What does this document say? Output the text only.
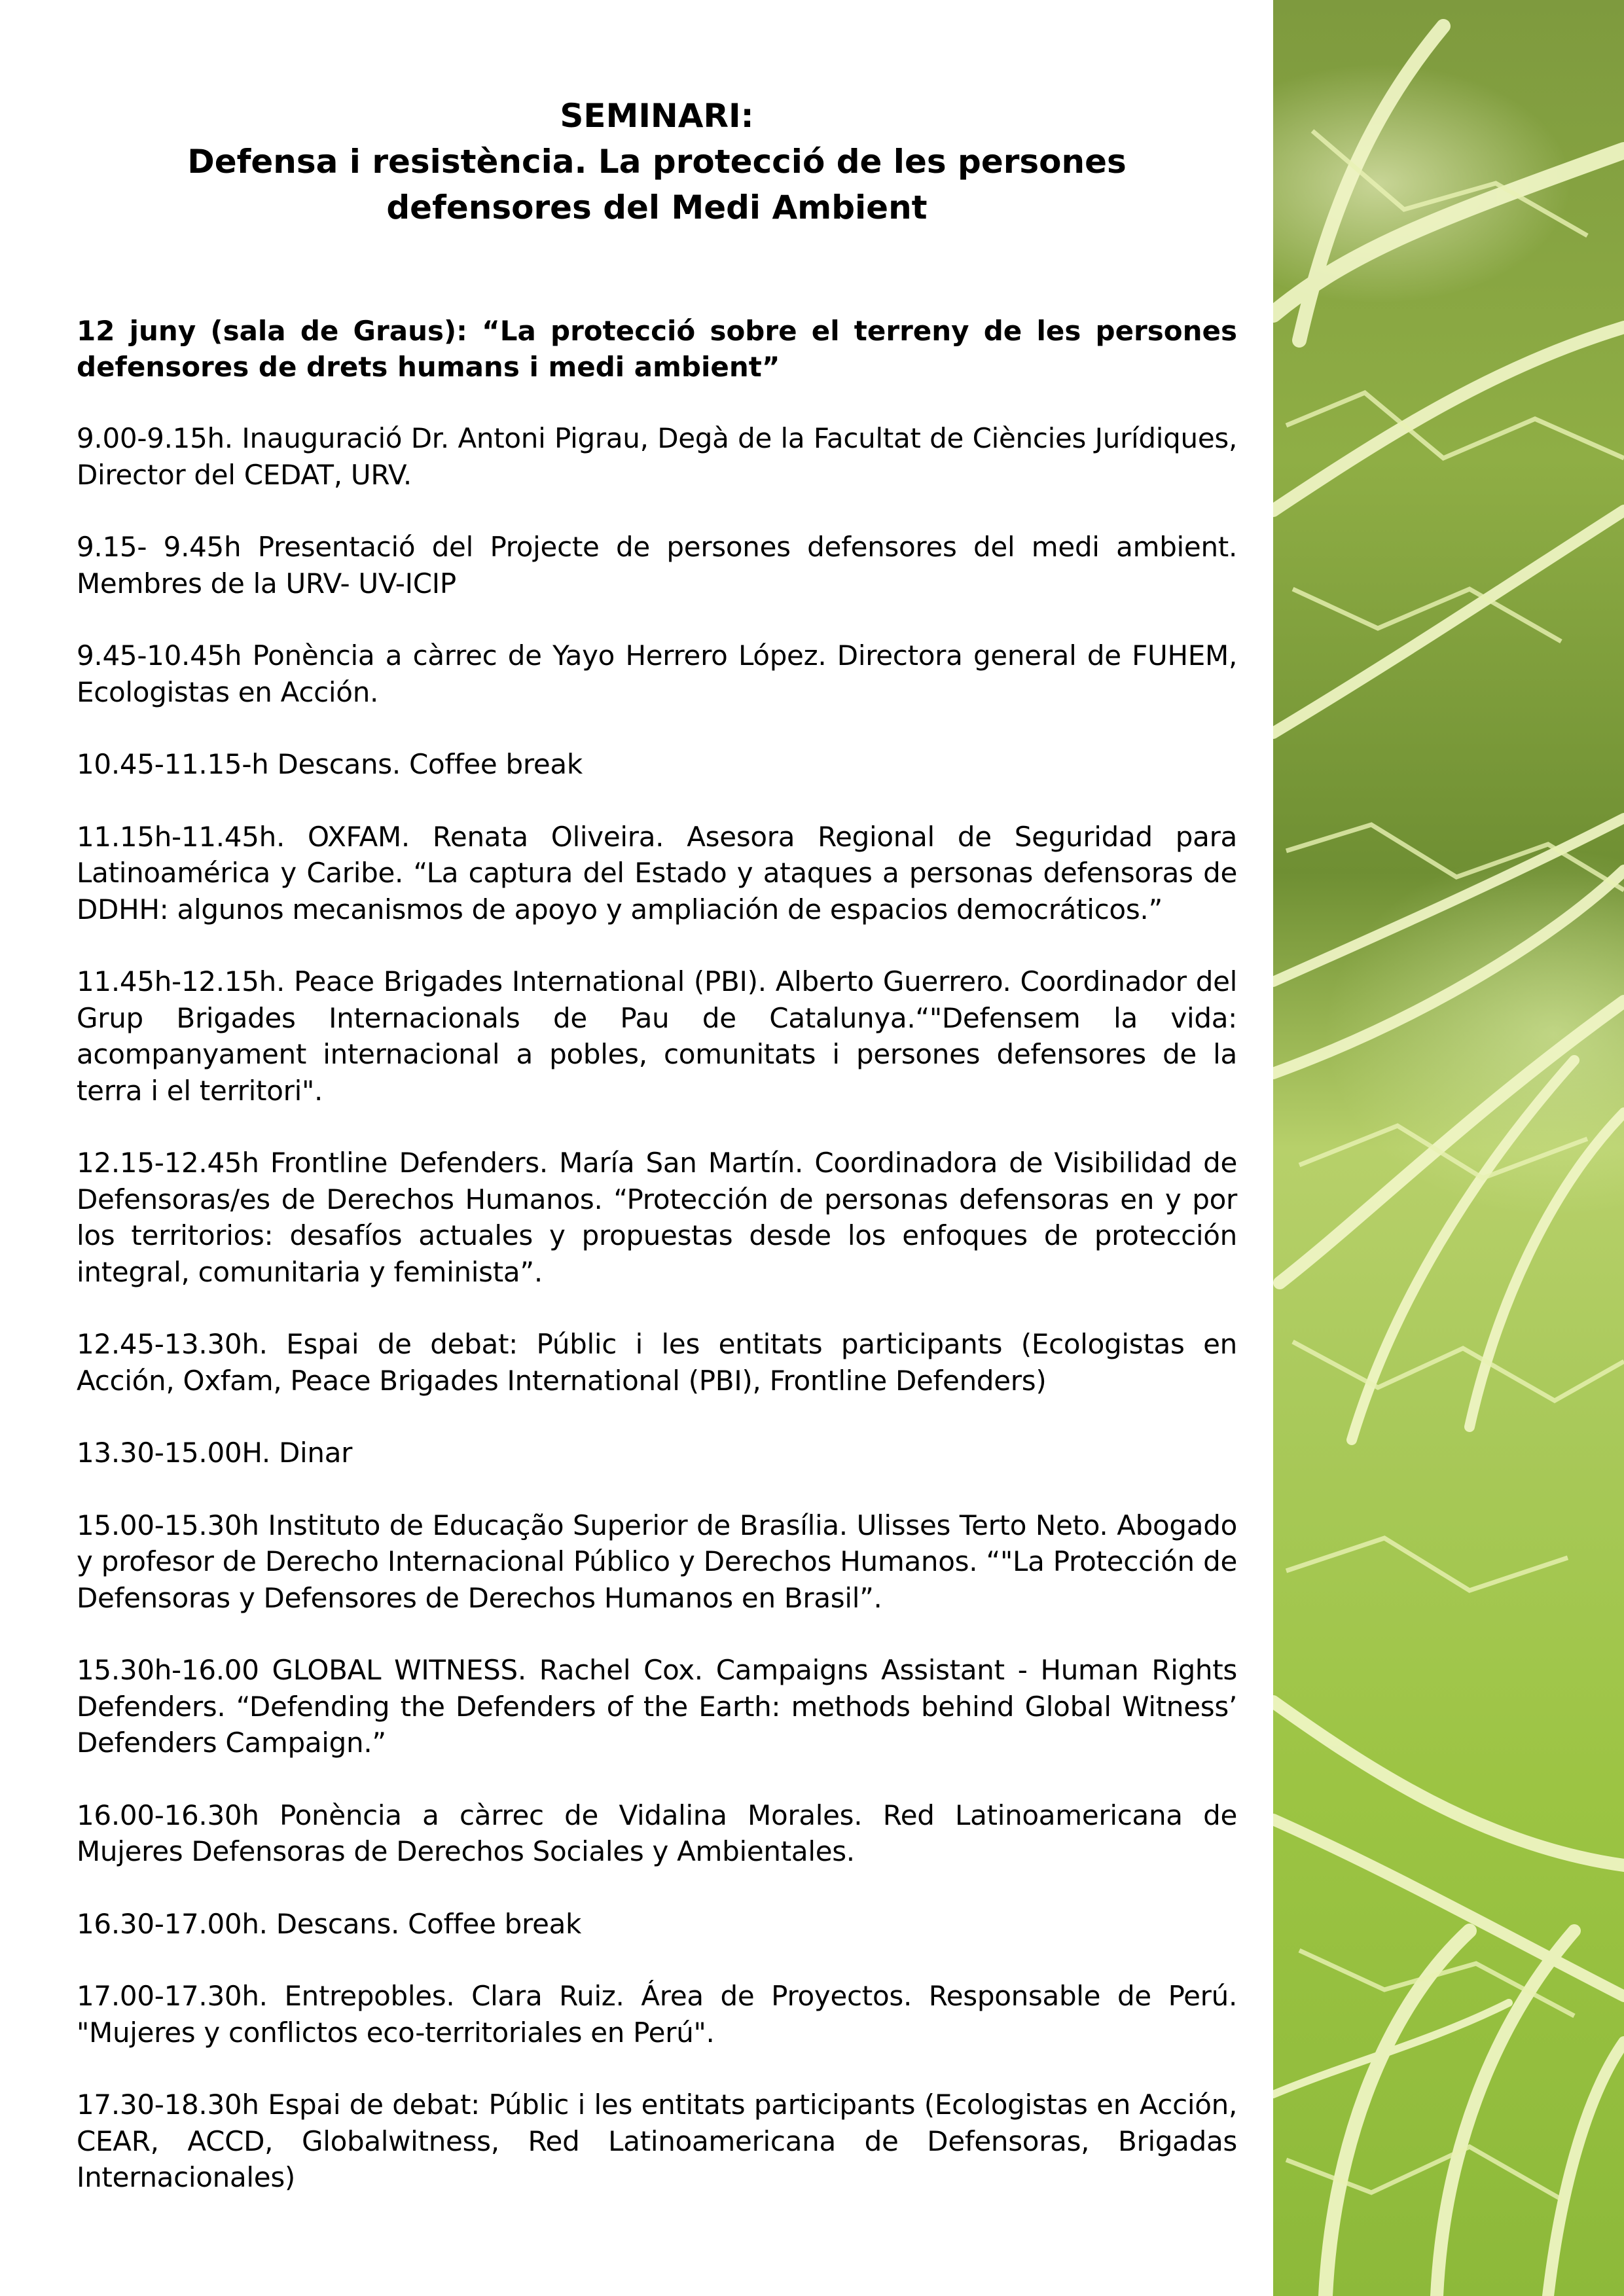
SEMINARI:
Defensa i resistència. La protecció de les persones
defensores del Medi Ambient
12 juny (sala de Graus): “La protecció sobre el terreny de les persones defensores de drets humans i medi ambient”
9.00-9.15h. Inauguració Dr. Antoni Pigrau, Degà de la Facultat de Ciències Jurídiques, Director del CEDAT, URV.
9.15- 9.45h Presentació del Projecte de persones defensores del medi ambient. Membres de la URV- UV-ICIP
9.45-10.45h Ponència a càrrec de Yayo Herrero López. Directora general de FUHEM, Ecologistas en Acción.
10.45-11.15-h Descans. Coffee break
11.15h-11.45h. OXFAM. Renata Oliveira. Asesora Regional de Seguridad para Latinoamérica y Caribe. “La captura del Estado y ataques a personas defensoras de DDHH: algunos mecanismos de apoyo y ampliación de espacios democráticos.”
11.45h-12.15h. Peace Brigades International (PBI). Alberto Guerrero. Coordinador del Grup Brigades Internacionals de Pau de Catalunya.“"Defensem la vida: acompanyament internacional a pobles, comunitats i persones defensores de la terra i el territori".
12.15-12.45h Frontline Defenders. María San Martín. Coordinadora de Visibilidad de Defensoras/es de Derechos Humanos. “Protección de personas defensoras en y por los territorios: desafíos actuales y propuestas desde los enfoques de protección integral, comunitaria y feminista”.
12.45-13.30h. Espai de debat: Públic i les entitats participants (Ecologistas en Acción, Oxfam, Peace Brigades International (PBI), Frontline Defenders)
13.30-15.00H. Dinar
15.00-15.30h Instituto de Educação Superior de Brasília. Ulisses Terto Neto. Abogado y profesor de Derecho Internacional Público y Derechos Humanos. “"La Protección de Defensoras y Defensores de Derechos Humanos en Brasil”.
15.30h-16.00 GLOBAL WITNESS. Rachel Cox. Campaigns Assistant - Human Rights Defenders. “Defending the Defenders of the Earth: methods behind Global Witness’ Defenders Campaign.”
16.00-16.30h Ponència a càrrec de Vidalina Morales. Red Latinoamericana de Mujeres Defensoras de Derechos Sociales y Ambientales.
16.30-17.00h. Descans. Coffee break
17.00-17.30h. Entrepobles. Clara Ruiz. Área de Proyectos. Responsable de Perú. "Mujeres y conflictos eco-territoriales en Perú".
17.30-18.30h Espai de debat: Públic i les entitats participants (Ecologistas en Acción, CEAR, ACCD, Globalwitness, Red Latinoamericana de Defensoras, Brigadas Internacionales)
